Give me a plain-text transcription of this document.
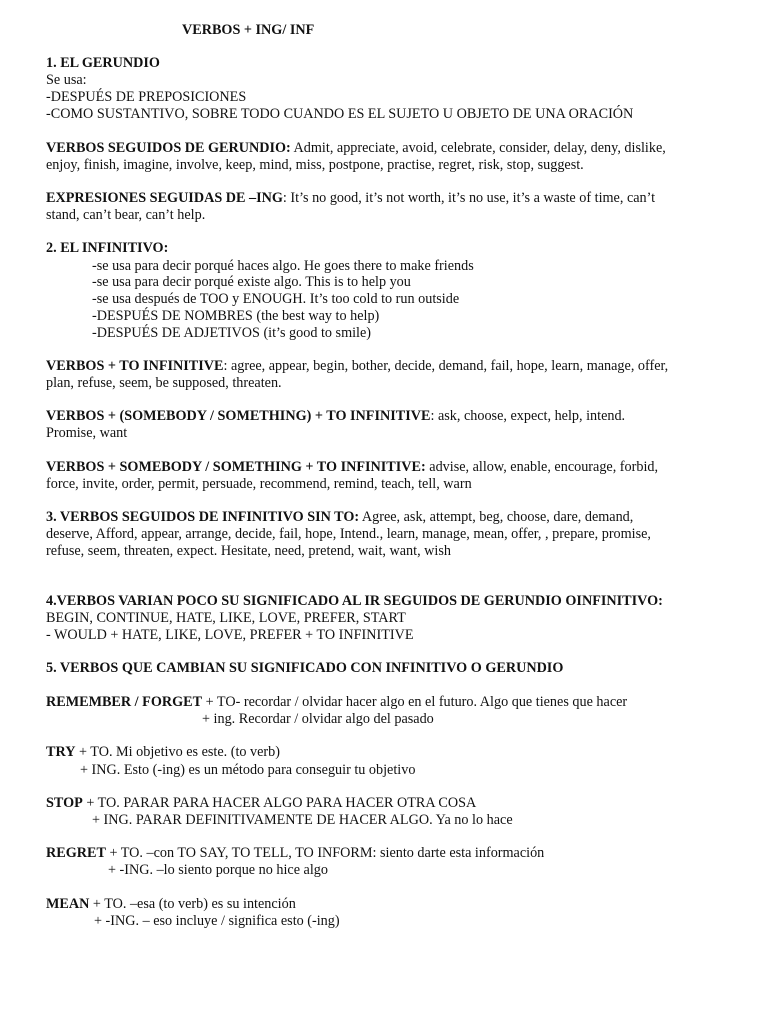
VERBOS + ING/ INF
1. EL GERUNDIO
Se usa:
-DESPUÉS DE PREPOSICIONES
-COMO SUSTANTIVO, SOBRE TODO CUANDO ES EL SUJETO U OBJETO DE UNA ORACIÓN
VERBOS SEGUIDOS DE GERUNDIO: Admit, appreciate, avoid, celebrate, consider, delay, deny, dislike,
enjoy, finish, imagine, involve, keep, mind, miss, postpone, practise, regret, risk, stop, suggest.
EXPRESIONES SEGUIDAS DE –ING: It’s no good, it’s not worth, it’s no use, it’s a waste of time, can’t
stand, can’t bear, can’t help.
2. EL INFINITIVO:
-se usa para decir porqué haces algo. He goes there to make friends
-se usa para decir porqué existe algo. This is to help you
-se usa después de TOO y ENOUGH. It’s too cold to run outside
-DESPUÉS DE NOMBRES (the best way to help)
-DESPUÉS DE ADJETIVOS (it’s good to smile)
VERBOS + TO INFINITIVE: agree, appear, begin, bother, decide, demand, fail, hope, learn, manage, offer,
plan, refuse, seem, be supposed, threaten.
VERBOS + (SOMEBODY / SOMETHING) + TO INFINITIVE: ask, choose, expect, help, intend.
Promise, want
VERBOS + SOMEBODY / SOMETHING + TO INFINITIVE: advise, allow, enable, encourage, forbid,
force, invite, order, permit, persuade, recommend, remind, teach, tell, warn
3. VERBOS SEGUIDOS DE INFINITIVO SIN TO: Agree, ask, attempt, beg, choose, dare, demand,
deserve, Afford, appear, arrange, decide, fail, hope, Intend., learn, manage, mean, offer, , prepare, promise,
refuse, seem, threaten, expect. Hesitate, need, pretend, wait, want, wish
4.VERBOS VARIAN POCO SU SIGNIFICADO AL IR SEGUIDOS DE GERUNDIO OINFINITIVO:
BEGIN, CONTINUE, HATE, LIKE, LOVE, PREFER, START
- WOULD + HATE, LIKE, LOVE, PREFER + TO INFINITIVE
5. VERBOS QUE CAMBIAN SU SIGNIFICADO CON INFINITIVO O GERUNDIO
REMEMBER / FORGET + TO- recordar / olvidar hacer algo en el futuro. Algo que tienes que hacer
+ ing. Recordar / olvidar algo del pasado
TRY + TO. Mi objetivo es este. (to verb)
+ ING. Esto (-ing) es un método para conseguir tu objetivo
STOP + TO. PARAR PARA HACER ALGO PARA HACER OTRA COSA
+ ING. PARAR DEFINITIVAMENTE DE HACER ALGO. Ya no lo hace
REGRET + TO. –con TO SAY, TO TELL, TO INFORM: siento darte esta información
+ -ING. –lo siento porque no hice algo
MEAN + TO. –esa (to verb) es su intención
+ -ING. – eso incluye / significa esto (-ing)
